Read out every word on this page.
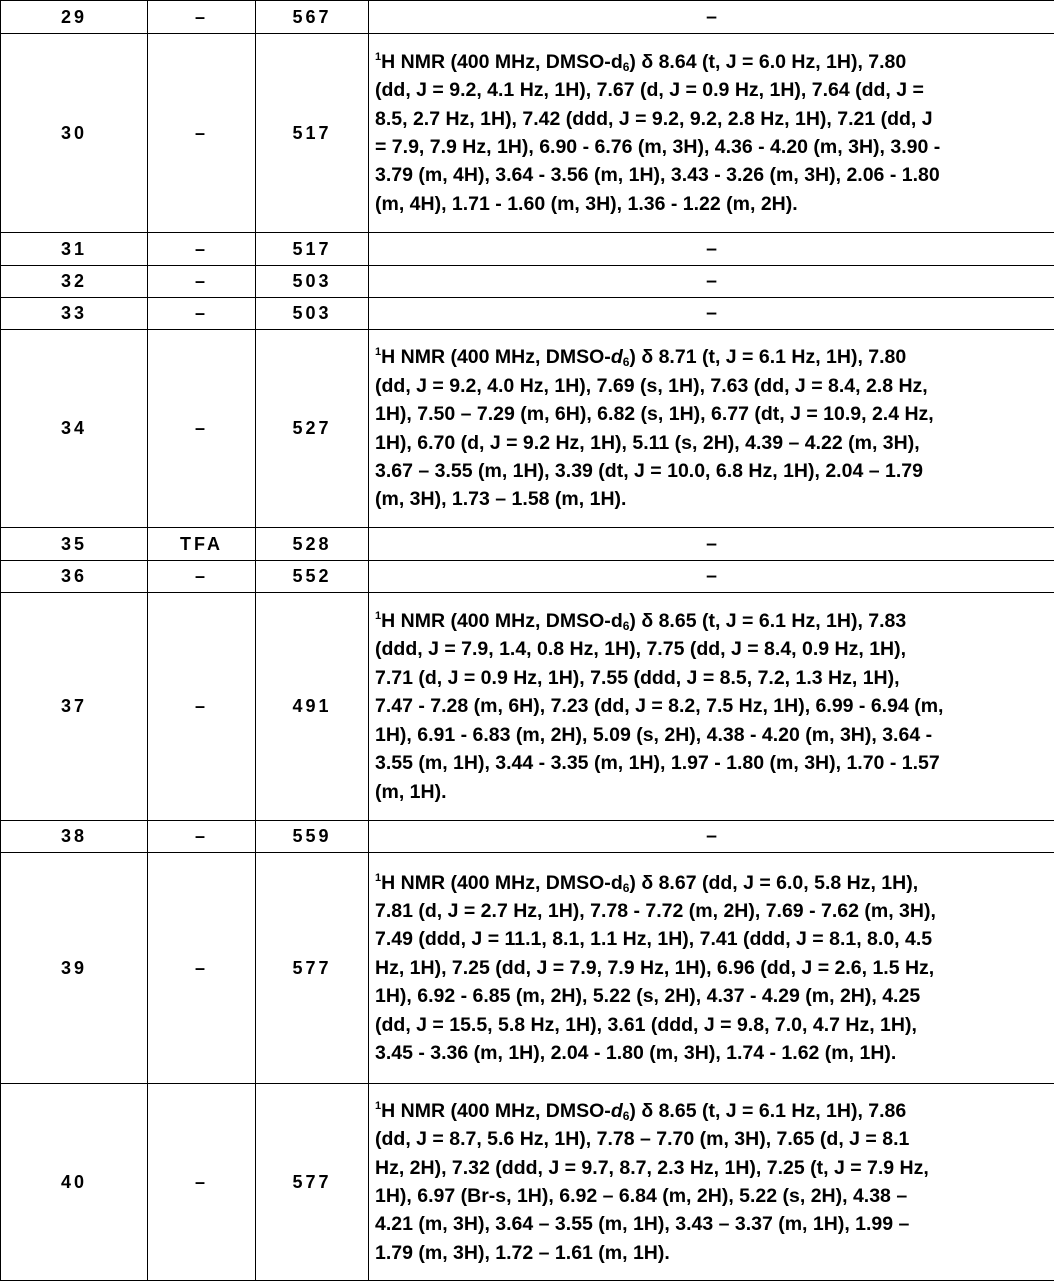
29	–	567	–
30	–	517	
1H NMR (400 MHz, DMSO-d6) δ 8.64 (t, J = 6.0 Hz, 1H), 7.80
(dd, J = 9.2, 4.1 Hz, 1H), 7.67 (d, J = 0.9 Hz, 1H), 7.64 (dd, J =
8.5, 2.7 Hz, 1H), 7.42 (ddd, J = 9.2, 9.2, 2.8 Hz, 1H), 7.21 (dd, J
= 7.9, 7.9 Hz, 1H), 6.90 - 6.76 (m, 3H), 4.36 - 4.20 (m, 3H), 3.90 -
3.79 (m, 4H), 3.64 - 3.56 (m, 1H), 3.43 - 3.26 (m, 3H), 2.06 - 1.80
(m, 4H), 1.71 - 1.60 (m, 3H), 1.36 - 1.22 (m, 2H).

31	–	517	–
32	–	503	–
33	–	503	–
34	–	527	
1H NMR (400 MHz, DMSO-d6) δ 8.71 (t, J = 6.1 Hz, 1H), 7.80
(dd, J = 9.2, 4.0 Hz, 1H), 7.69 (s, 1H), 7.63 (dd, J = 8.4, 2.8 Hz,
1H), 7.50 – 7.29 (m, 6H), 6.82 (s, 1H), 6.77 (dt, J = 10.9, 2.4 Hz,
1H), 6.70 (d, J = 9.2 Hz, 1H), 5.11 (s, 2H), 4.39 – 4.22 (m, 3H),
3.67 – 3.55 (m, 1H), 3.39 (dt, J = 10.0, 6.8 Hz, 1H), 2.04 – 1.79
(m, 3H), 1.73 – 1.58 (m, 1H).

35	TFA	528	–
36	–	552	–
37	–	491	
1H NMR (400 MHz, DMSO-d6) δ 8.65 (t, J = 6.1 Hz, 1H), 7.83
(ddd, J = 7.9, 1.4, 0.8 Hz, 1H), 7.75 (dd, J = 8.4, 0.9 Hz, 1H),
7.71 (d, J = 0.9 Hz, 1H), 7.55 (ddd, J = 8.5, 7.2, 1.3 Hz, 1H),
7.47 - 7.28 (m, 6H), 7.23 (dd, J = 8.2, 7.5 Hz, 1H), 6.99 - 6.94 (m,
1H), 6.91 - 6.83 (m, 2H), 5.09 (s, 2H), 4.38 - 4.20 (m, 3H), 3.64 -
3.55 (m, 1H), 3.44 - 3.35 (m, 1H), 1.97 - 1.80 (m, 3H), 1.70 - 1.57
(m, 1H).

38	–	559	–
39	–	577	
1H NMR (400 MHz, DMSO-d6) δ 8.67 (dd, J = 6.0, 5.8 Hz, 1H),
7.81 (d, J = 2.7 Hz, 1H), 7.78 - 7.72 (m, 2H), 7.69 - 7.62 (m, 3H),
7.49 (ddd, J = 11.1, 8.1, 1.1 Hz, 1H), 7.41 (ddd, J = 8.1, 8.0, 4.5
Hz, 1H), 7.25 (dd, J = 7.9, 7.9 Hz, 1H), 6.96 (dd, J = 2.6, 1.5 Hz,
1H), 6.92 - 6.85 (m, 2H), 5.22 (s, 2H), 4.37 - 4.29 (m, 2H), 4.25
(dd, J = 15.5, 5.8 Hz, 1H), 3.61 (ddd, J = 9.8, 7.0, 4.7 Hz, 1H),
3.45 - 3.36 (m, 1H), 2.04 - 1.80 (m, 3H), 1.74 - 1.62 (m, 1H).

40	–	577	
1H NMR (400 MHz, DMSO-d6) δ 8.65 (t, J = 6.1 Hz, 1H), 7.86
(dd, J = 8.7, 5.6 Hz, 1H), 7.78 – 7.70 (m, 3H), 7.65 (d, J = 8.1
Hz, 2H), 7.32 (ddd, J = 9.7, 8.7, 2.3 Hz, 1H), 7.25 (t, J = 7.9 Hz,
1H), 6.97 (Br-s, 1H), 6.92 – 6.84 (m, 2H), 5.22 (s, 2H), 4.38 –
4.21 (m, 3H), 3.64 – 3.55 (m, 1H), 3.43 – 3.37 (m, 1H), 1.99 –
1.79 (m, 3H), 1.72 – 1.61 (m, 1H).
